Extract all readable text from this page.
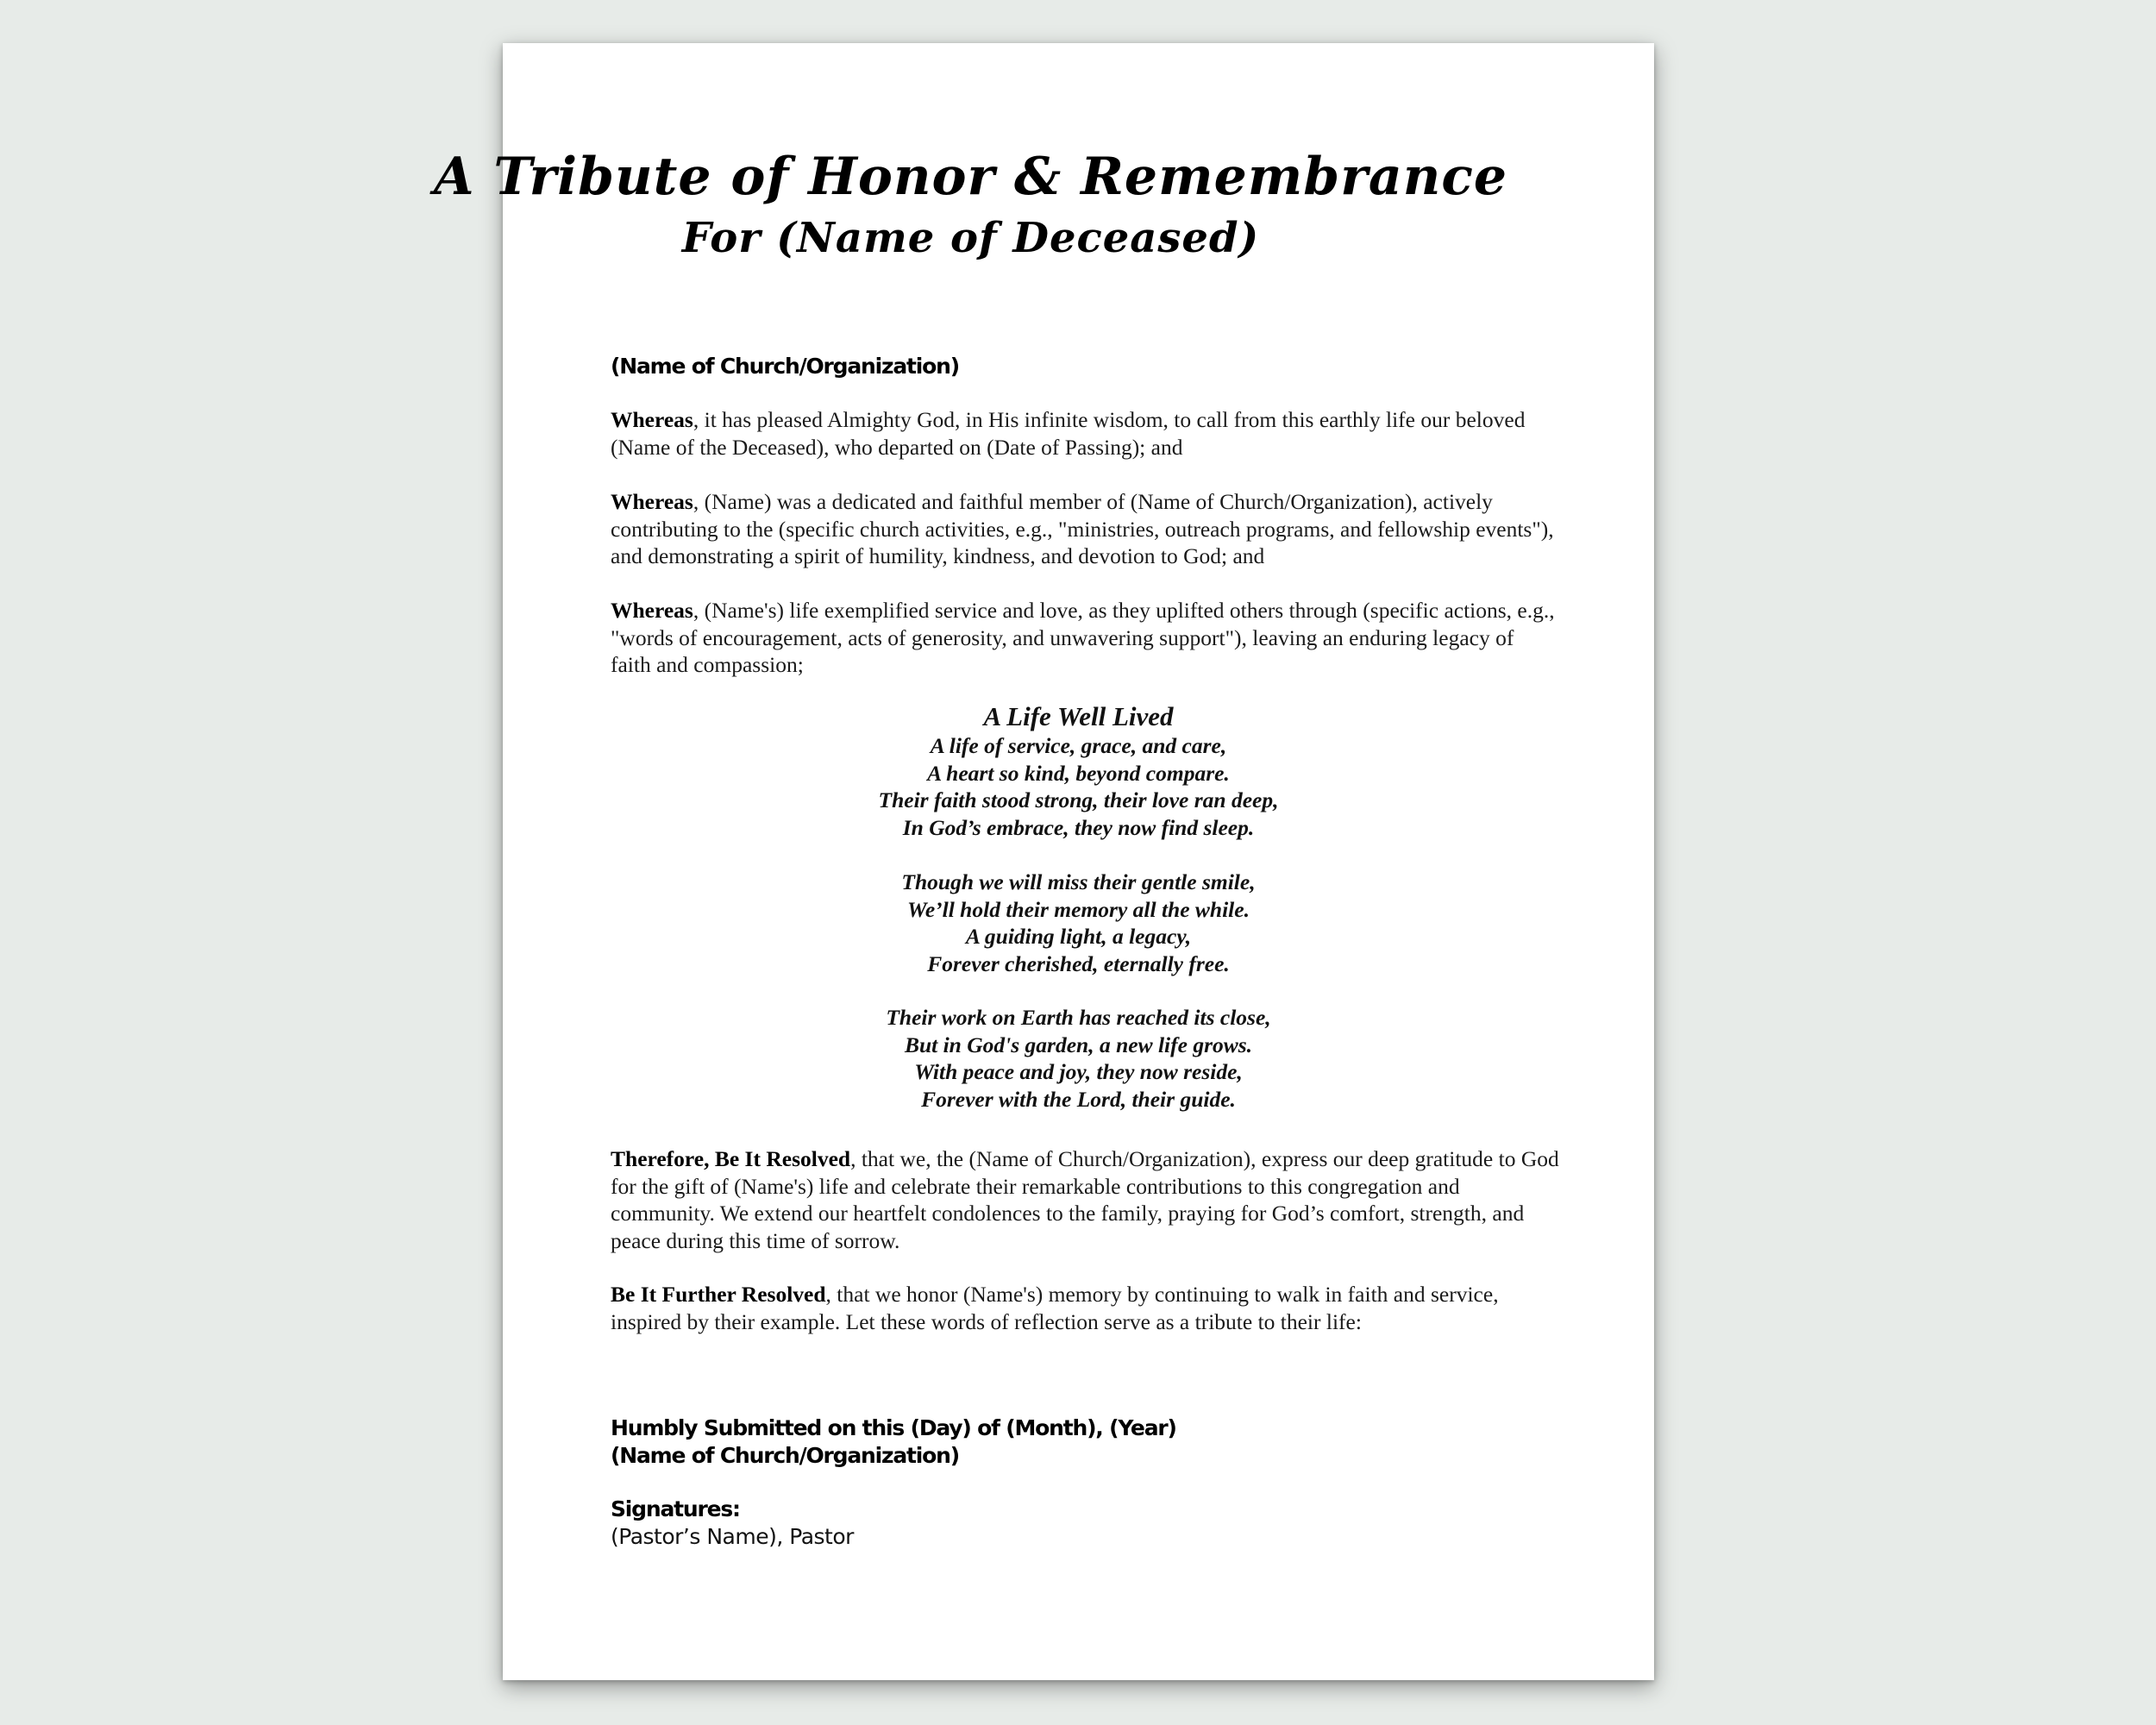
A Tribute of Honor & Remembrance
For (Name of Deceased)

(Name of Church/Organization)

Whereas, it has pleased Almighty God, in His infinite wisdom, to call from this earthly life our beloved (Name of the Deceased), who departed on (Date of Passing); and

Whereas, (Name) was a dedicated and faithful member of (Name of Church/Organization), actively contributing to the (specific church activities, e.g., "ministries, outreach programs, and fellowship events"), and demonstrating a spirit of humility, kindness, and devotion to God; and

Whereas, (Name's) life exemplified service and love, as they uplifted others through (specific actions, e.g., "words of encouragement, acts of generosity, and unwavering support"), leaving an enduring legacy of faith and compassion;

A Life Well Lived
A life of service, grace, and care,
A heart so kind, beyond compare.
Their faith stood strong, their love ran deep,
In God’s embrace, they now find sleep.
Though we will miss their gentle smile,
We’ll hold their memory all the while.
A guiding light, a legacy,
Forever cherished, eternally free.
Their work on Earth has reached its close,
But in God's garden, a new life grows.
With peace and joy, they now reside,
Forever with the Lord, their guide.

Therefore, Be It Resolved, that we, the (Name of Church/Organization), express our deep gratitude to God for the gift of (Name's) life and celebrate their remarkable contributions to this congregation and community. We extend our heartfelt condolences to the family, praying for God’s comfort, strength, and peace during this time of sorrow.

Be It Further Resolved, that we honor (Name's) memory by continuing to walk in faith and service, inspired by their example. Let these words of reflection serve as a tribute to their life:

Humbly Submitted on this (Day) of (Month), (Year)

(Name of Church/Organization)

Signatures:

(Pastor’s Name), Pastor
